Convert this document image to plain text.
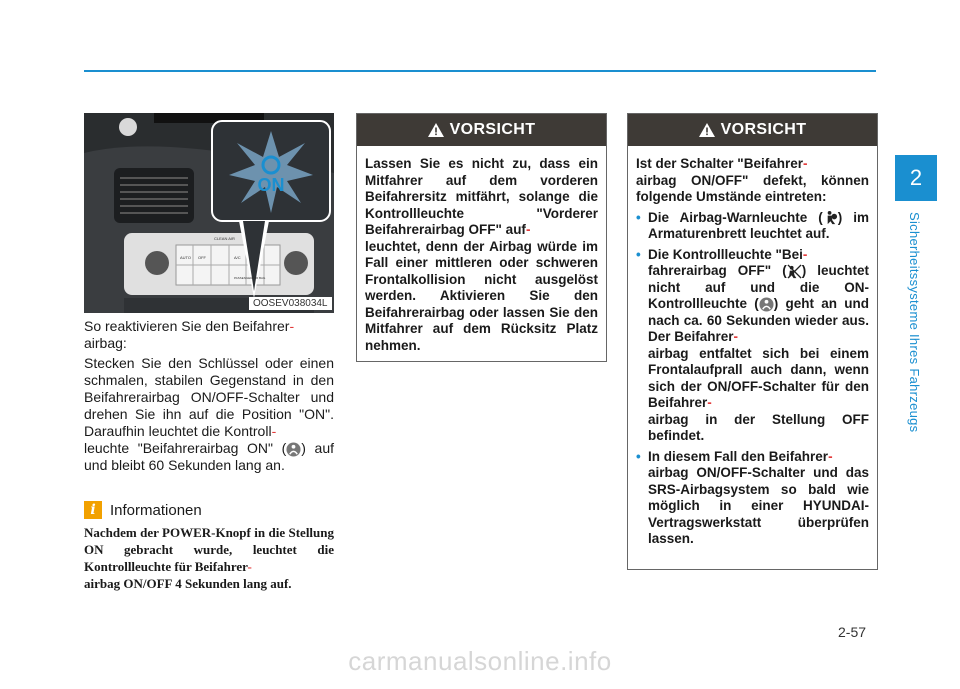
2
Sicherheitssysteme Ihres Fahrzeugs
ON
CLEAN AIR
AUTO OFF	A/C
PASSENGER AIR BAG
OOSEV038034L

So reaktivieren Sie den Beifahrer-
airbag:

Stecken Sie den Schlüssel oder einen schmalen, stabilen Gegenstand in den Beifahrerairbag ON/OFF-Schalter und drehen Sie ihn auf die Position "ON". Daraufhin leuchtet die Kontroll-
leuchte "Beifahrerairbag ON" ( ) auf und bleibt 60 Sekunden lang an.

i Informationen

Nachdem der POWER-Knopf in die Stellung ON gebracht wurde, leuchtet die Kontrollleuchte für Beifahrer-
airbag ON/OFF 4 Sekunden lang auf.

VORSICHT

Lassen Sie es nicht zu, dass ein Mitfahrer auf dem vorderen Beifahrersitz mitfährt, solange die Kontrollleuchte "Vorderer Beifahrerairbag OFF" auf-
leuchtet, denn der Airbag würde im Fall einer mittleren oder schweren Frontalkollision nicht ausgelöst werden. Aktivieren Sie den Beifahrerairbag oder lassen Sie den Mitfahrer auf dem Rücksitz Platz nehmen.

VORSICHT

Ist der Schalter "Beifahrer-
airbag ON/OFF" defekt, können folgende Umstände eintreten:

• Die Airbag-Warnleuchte ( ) im Armaturenbrett leuchtet auf.
• Die Kontrollleuchte "Bei-
fahrerairbag OFF" ( ) leuchtet nicht auf und die ON-Kontrollleuchte ( ) geht an und nach ca. 60 Sekunden wieder aus. Der Beifahrer-
airbag entfaltet sich bei einem Frontalaufprall auch dann, wenn sich der ON/OFF-Schalter für den Beifahrer-
airbag in der Stellung OFF befindet.
• In diesem Fall den Beifahrer-
airbag ON/OFF-Schalter und das SRS-Airbagsystem so bald wie möglich in einer HYUNDAI-Vertragswerkstatt überprüfen lassen.
2-57
carmanualsonline.info
